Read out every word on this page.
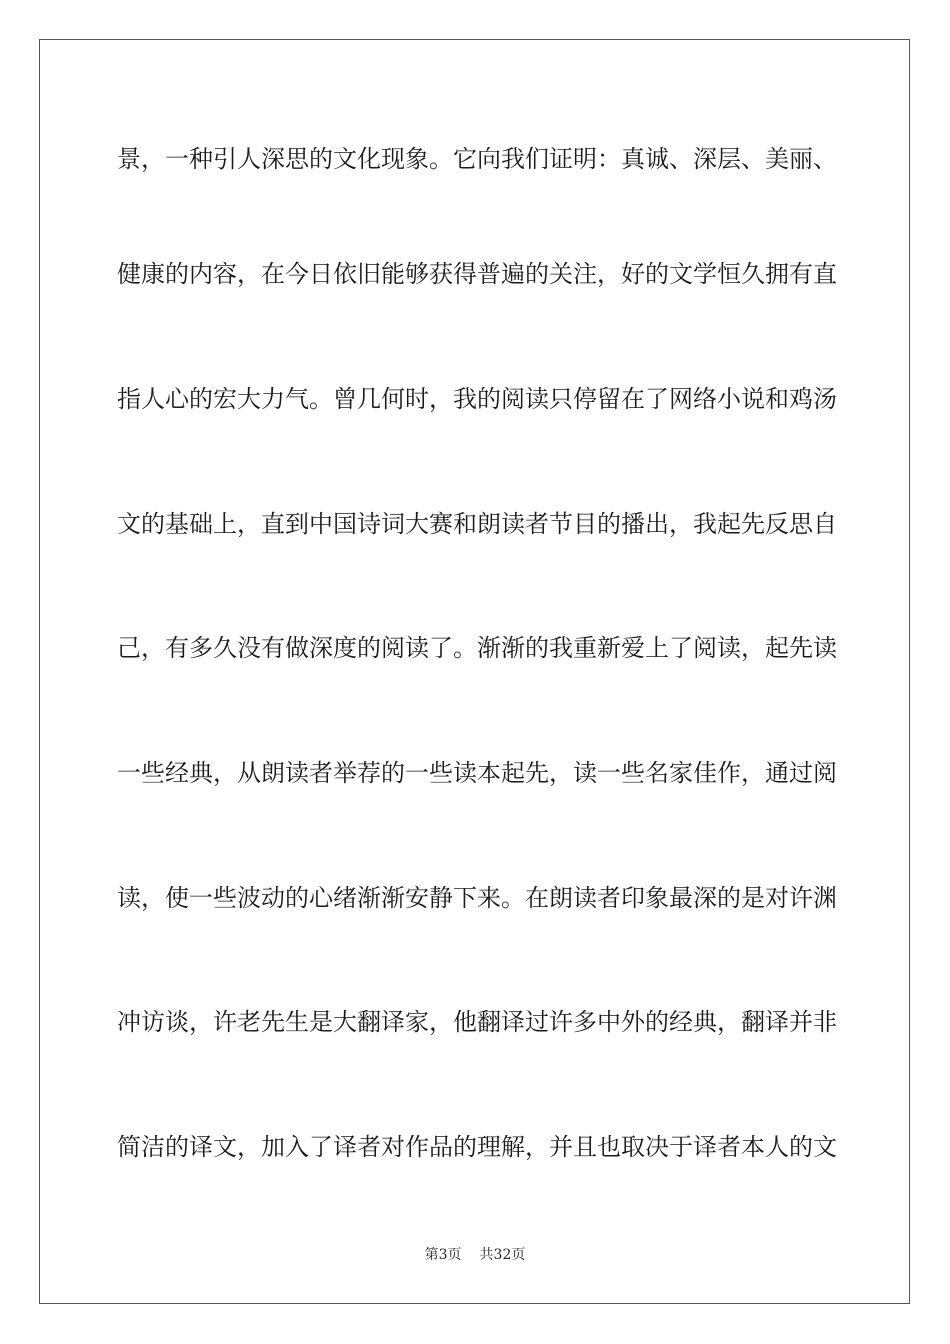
景，一种引人深思的文化现象。它向我们证明：真诚、深层、美丽、
健康的内容，在今日依旧能够获得普遍的关注，好的文学恒久拥有直
指人心的宏大力气。曾几何时，我的阅读只停留在了网络小说和鸡汤
文的基础上，直到中国诗词大赛和朗读者节目的播出，我起先反思自
己，有多久没有做深度的阅读了。渐渐的我重新爱上了阅读，起先读
一些经典，从朗读者举荐的一些读本起先，读一些名家佳作，通过阅
读，使一些波动的心绪渐渐安静下来。在朗读者印象最深的是对许渊
冲访谈，许老先生是大翻译家，他翻译过许多中外的经典，翻译并非
简洁的译文，加入了译者对作品的理解，并且也取决于译者本人的文
第3页 共32页
